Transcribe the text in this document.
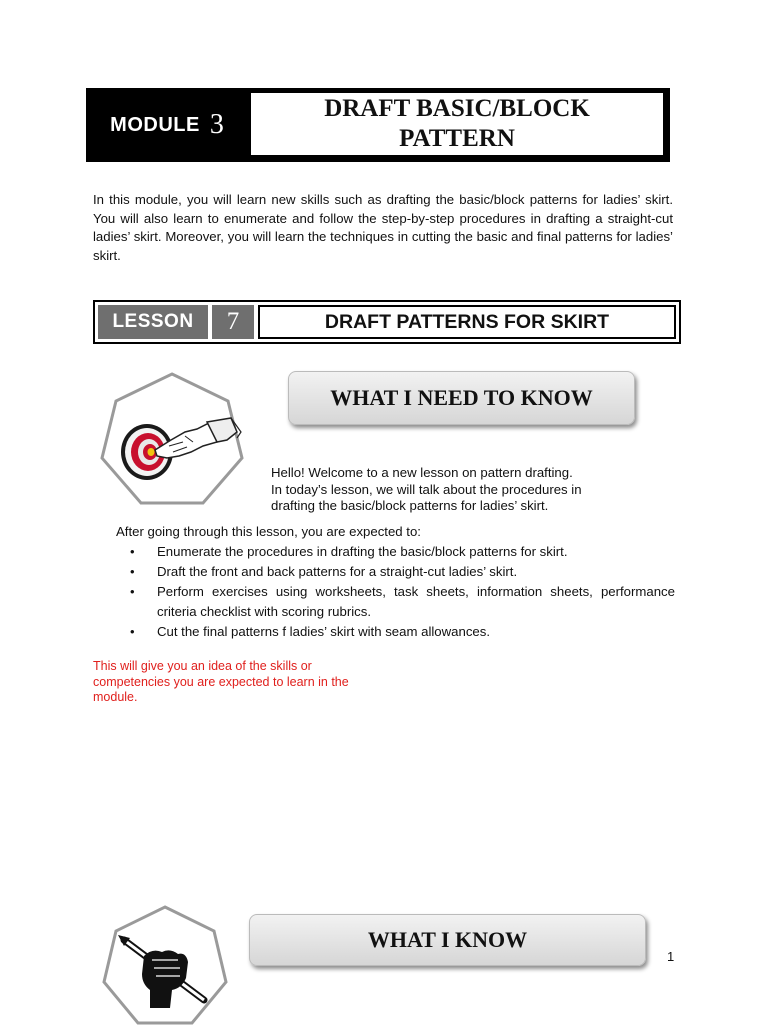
MODULE 3
DRAFT BASIC/BLOCK PATTERN
In this module, you will learn new skills such as drafting the basic/block patterns for ladies’ skirt. You will also learn to enumerate and follow the step-by-step procedures in drafting a straight-cut ladies’ skirt. Moreover, you will learn the techniques in cutting the basic and final patterns for ladies’ skirt.
LESSON	7	DRAFT PATTERNS FOR SKIRT
WHAT I NEED TO KNOW
Hello! Welcome to a new lesson on pattern drafting.
In today’s lesson, we will talk about the procedures in
drafting the basic/block patterns for ladies’ skirt.
After going through this lesson, you are expected to:
• Enumerate the procedures in drafting the basic/block patterns for skirt.
• Draft the front and back patterns for a straight-cut ladies’ skirt.
• Perform exercises using worksheets, task sheets, information sheets, performance criteria checklist with scoring rubrics.
• Cut the final patterns f ladies’ skirt with seam allowances.
This will give you an idea of the skills or competencies you are expected to learn in the module.
WHAT I KNOW
1
